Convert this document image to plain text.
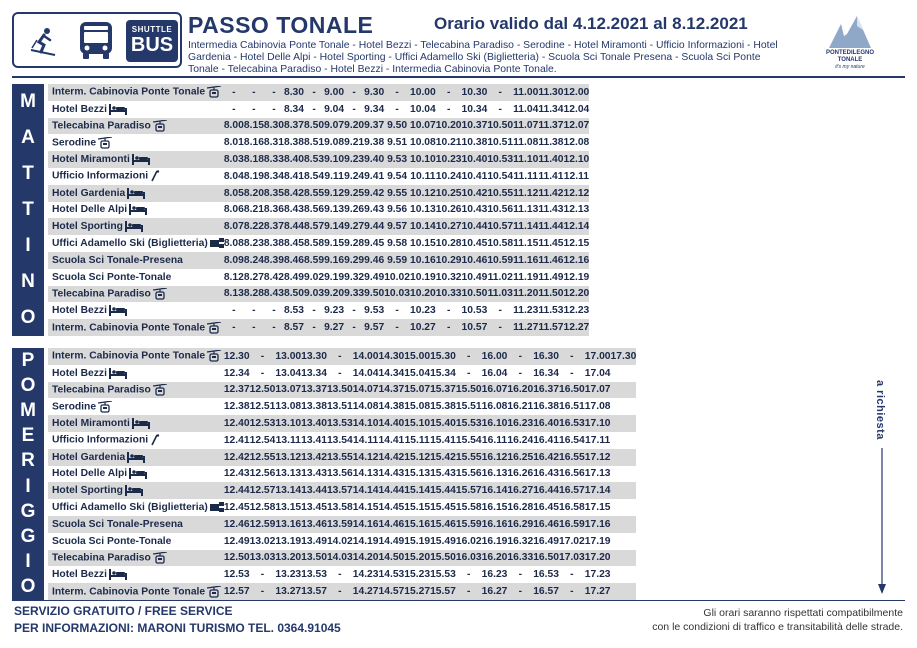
SHUTTLE
BUS
PASSO TONALE	Orario valido dal 4.12.2021 al 8.12.2021
Intermedia Cabinovia Ponte Tonale - Hotel Bezzi - Telecabina Paradiso - Serodine - Hotel Miramonti - Ufficio Informazioni - Hotel Gardenia - Hotel Delle Alpi - Hotel Sporting - Uffici Adamello Ski (Biglietteria) - Scuola Sci Tonale Presena - Scuola Sci Ponte Tonale - Telecabina Paradiso - Hotel Bezzi - Intermedia Cabinovia Ponte Tonale.
PONTEDILEGNO
TONALE
it's my nature
M
A
T
T
I
N
O
Interm. Cabinovia Ponte Tonale	-	-	-	8.30	-	9.00	-	9.30	-	10.00	-	10.30	-	11.00	11.30	12.00
Hotel Bezzi	-	-	-	8.34	-	9.04	-	9.34	-	10.04	-	10.34	-	11.04	11.34	12.04
Telecabina Paradiso	8.00	8.15	8.30	8.37	8.50	9.07	9.20	9.37	9.50	10.07	10.20	10.37	10.50	11.07	11.37	12.07
Serodine	8.01	8.16	8.31	8.38	8.51	9.08	9.21	9.38	9.51	10.08	10.21	10.38	10.51	11.08	11.38	12.08
Hotel Miramonti	8.03	8.18	8.33	8.40	8.53	9.10	9.23	9.40	9.53	10.10	10.23	10.40	10.53	11.10	11.40	12.10
Ufficio Informazioni	8.04	8.19	8.34	8.41	8.54	9.11	9.24	9.41	9.54	10.11	10.24	10.41	10.54	11.11	11.41	12.11
Hotel Gardenia	8.05	8.20	8.35	8.42	8.55	9.12	9.25	9.42	9.55	10.12	10.25	10.42	10.55	11.12	11.42	12.12
Hotel Delle Alpi	8.06	8.21	8.36	8.43	8.56	9.13	9.26	9.43	9.56	10.13	10.26	10.43	10.56	11.13	11.43	12.13
Hotel Sporting	8.07	8.22	8.37	8.44	8.57	9.14	9.27	9.44	9.57	10.14	10.27	10.44	10.57	11.14	11.44	12.14
Uffici Adamello Ski (Biglietteria)	8.08	8.23	8.38	8.45	8.58	9.15	9.28	9.45	9.58	10.15	10.28	10.45	10.58	11.15	11.45	12.15
Scuola Sci Tonale-Presena	8.09	8.24	8.39	8.46	8.59	9.16	9.29	9.46	9.59	10.16	10.29	10.46	10.59	11.16	11.46	12.16
Scuola Sci Ponte-Tonale	8.12	8.27	8.42	8.49	9.02	9.19	9.32	9.49	10.02	10.19	10.32	10.49	11.02	11.19	11.49	12.19
Telecabina Paradiso	8.13	8.28	8.43	8.50	9.03	9.20	9.33	9.50	10.03	10.20	10.33	10.50	11.03	11.20	11.50	12.20
Hotel Bezzi	-	-	-	8.53	-	9.23	-	9.53	-	10.23	-	10.53	-	11.23	11.53	12.23
Interm. Cabinovia Ponte Tonale	-	-	-	8.57	-	9.27	-	9.57	-	10.27	-	10.57	-	11.27	11.57	12.27
P
O
M
E
R
I
G
G
I
O
Interm. Cabinovia Ponte Tonale	12.30	-	13.00	13.30	-	14.00	14.30	15.00	15.30	-	16.00	-	16.30	-	17.00	17.30
Hotel Bezzi	12.34	-	13.04	13.34	-	14.04	14.34	15.04	15.34	-	16.04	-	16.34	-	17.04	
Telecabina Paradiso	12.37	12.50	13.07	13.37	13.50	14.07	14.37	15.07	15.37	15.50	16.07	16.20	16.37	16.50	17.07	
Serodine	12.38	12.51	13.08	13.38	13.51	14.08	14.38	15.08	15.38	15.51	16.08	16.21	16.38	16.51	17.08	
Hotel Miramonti	12.40	12.53	13.10	13.40	13.53	14.10	14.40	15.10	15.40	15.53	16.10	16.23	16.40	16.53	17.10	
Ufficio Informazioni	12.41	12.54	13.11	13.41	13.54	14.11	14.41	15.11	15.41	15.54	16.11	16.24	16.41	16.54	17.11	
Hotel Gardenia	12.42	12.55	13.12	13.42	13.55	14.12	14.42	15.12	15.42	15.55	16.12	16.25	16.42	16.55	17.12	
Hotel Delle Alpi	12.43	12.56	13.13	13.43	13.56	14.13	14.43	15.13	15.43	15.56	16.13	16.26	16.43	16.56	17.13	
Hotel Sporting	12.44	12.57	13.14	13.44	13.57	14.14	14.44	15.14	15.44	15.57	16.14	16.27	16.44	16.57	17.14	
Uffici Adamello Ski (Biglietteria)	12.45	12.58	13.15	13.45	13.58	14.15	14.45	15.15	15.45	15.58	16.15	16.28	16.45	16.58	17.15	
Scuola Sci Tonale-Presena	12.46	12.59	13.16	13.46	13.59	14.16	14.46	15.16	15.46	15.59	16.16	16.29	16.46	16.59	17.16	
Scuola Sci Ponte-Tonale	12.49	13.02	13.19	13.49	14.02	14.19	14.49	15.19	15.49	16.02	16.19	16.32	16.49	17.02	17.19	
Telecabina Paradiso	12.50	13.03	13.20	13.50	14.03	14.20	14.50	15.20	15.50	16.03	16.20	16.33	16.50	17.03	17.20	
Hotel Bezzi	12.53	-	13.23	13.53	-	14.23	14.53	15.23	15.53	-	16.23	-	16.53	-	17.23	
Interm. Cabinovia Ponte Tonale	12.57	-	13.27	13.57	-	14.27	14.57	15.27	15.57	-	16.27	-	16.57	-	17.27	
a richiesta
SERVIZIO GRATUITO / FREE SERVICE
PER INFORMAZIONI: MARONI TURISMO TEL. 0364.91045
Gli orari saranno rispettati compatibilmente
con le condizioni di traffico e transitabilità delle strade.
